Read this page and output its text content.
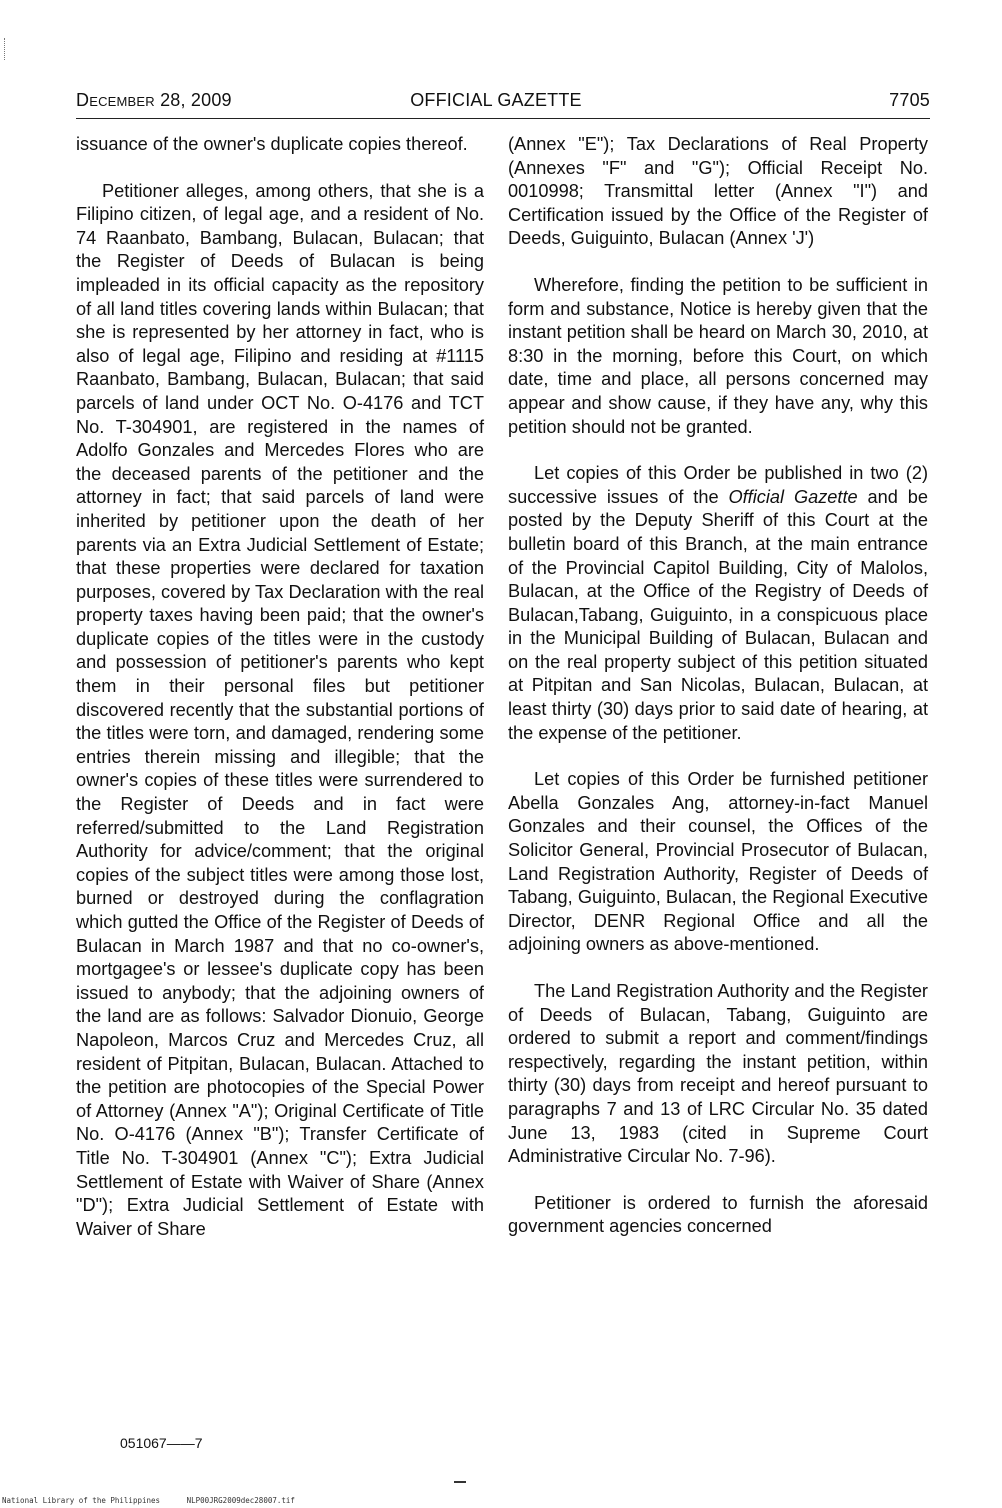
December 28, 2009	OFFICIAL GAZETTE	7705

issuance of the owner's duplicate copies thereof.

Petitioner alleges, among others, that she is a Filipino citizen, of legal age, and a resident of No. 74 Raanbato, Bambang, Bulacan, Bulacan; that the Register of Deeds of Bulacan is being impleaded in its official capacity as the repository of all land titles covering lands within Bulacan; that she is represented by her attorney in fact, who is also of legal age, Filipino and residing at #1115 Raanbato, Bambang, Bulacan, Bulacan; that said parcels of land under OCT No. O-4176 and TCT No. T-304901, are registered in the names of Adolfo Gonzales and Mercedes Flores who are the deceased parents of the petitioner and the attorney in fact; that said parcels of land were inherited by petitioner upon the death of her parents via an Extra Judicial Settlement of Estate; that these properties were declared for taxation purposes, covered by Tax Declaration with the real property taxes having been paid; that the owner's duplicate copies of the titles were in the custody and possession of petitioner's parents who kept them in their personal files but petitioner discovered recently that the substantial portions of the titles were torn, and damaged, rendering some entries therein missing and illegible; that the owner's copies of these titles were surrendered to the Register of Deeds and in fact were referred/submitted to the Land Registration Authority for advice/comment; that the original copies of the subject titles were among those lost, burned or destroyed during the conflagration which gutted the Office of the Register of Deeds of Bulacan in March 1987 and that no co-owner's, mortgagee's or lessee's duplicate copy has been issued to anybody; that the adjoining owners of the land are as follows: Salvador Dionuio, George Napoleon, Marcos Cruz and Mercedes Cruz, all resident of Pitpitan, Bulacan, Bulacan. Attached to the petition are photocopies of the Special Power of Attorney (Annex "A"); Original Certificate of Title No. O-4176 (Annex "B"); Transfer Certificate of Title No. T-304901 (Annex "C"); Extra Judicial Settlement of Estate with Waiver of Share (Annex "D"); Extra Judicial Settlement of Estate with Waiver of Share

(Annex "E"); Tax Declarations of Real Property (Annexes "F" and "G"); Official Receipt No. 0010998; Transmittal letter (Annex "I") and Certification issued by the Office of the Register of Deeds, Guiguinto, Bulacan (Annex 'J')

Wherefore, finding the petition to be sufficient in form and substance, Notice is hereby given that the instant petition shall be heard on March 30, 2010, at 8:30 in the morning, before this Court, on which date, time and place, all persons concerned may appear and show cause, if they have any, why this petition should not be granted.

Let copies of this Order be published in two (2) successive issues of the Official Gazette and be posted by the Deputy Sheriff of this Court at the bulletin board of this Branch, at the main entrance of the Provincial Capitol Building, City of Malolos, Bulacan, at the Office of the Registry of Deeds of Bulacan,Tabang, Guiguinto, in a conspicuous place in the Municipal Building of Bulacan, Bulacan and on the real property subject of this petition situated at Pitpitan and San Nicolas, Bulacan, Bulacan, at least thirty (30) days prior to said date of hearing, at the expense of the petitioner.

Let copies of this Order be furnished petitioner Abella Gonzales Ang, attorney-in-fact Manuel Gonzales and their counsel, the Offices of the Solicitor General, Provincial Prosecutor of Bulacan, Land Registration Authority, Register of Deeds of Tabang, Guiguinto, Bulacan, the Regional Executive Director, DENR Regional Office and all the adjoining owners as above-mentioned.

The Land Registration Authority and the Register of Deeds of Bulacan, Tabang, Guiguinto are ordered to submit a report and comment/findings respectively, regarding the instant petition, within thirty (30) days from receipt and hereof pursuant to paragraphs 7 and 13 of LRC Circular No. 35 dated June 13, 1983 (cited in Supreme Court Administrative Circular No. 7-96).

Petitioner is ordered to furnish the aforesaid government agencies concerned

051067——7
National Library of the Philippines	NLP00JRG2009dec28007.tif
